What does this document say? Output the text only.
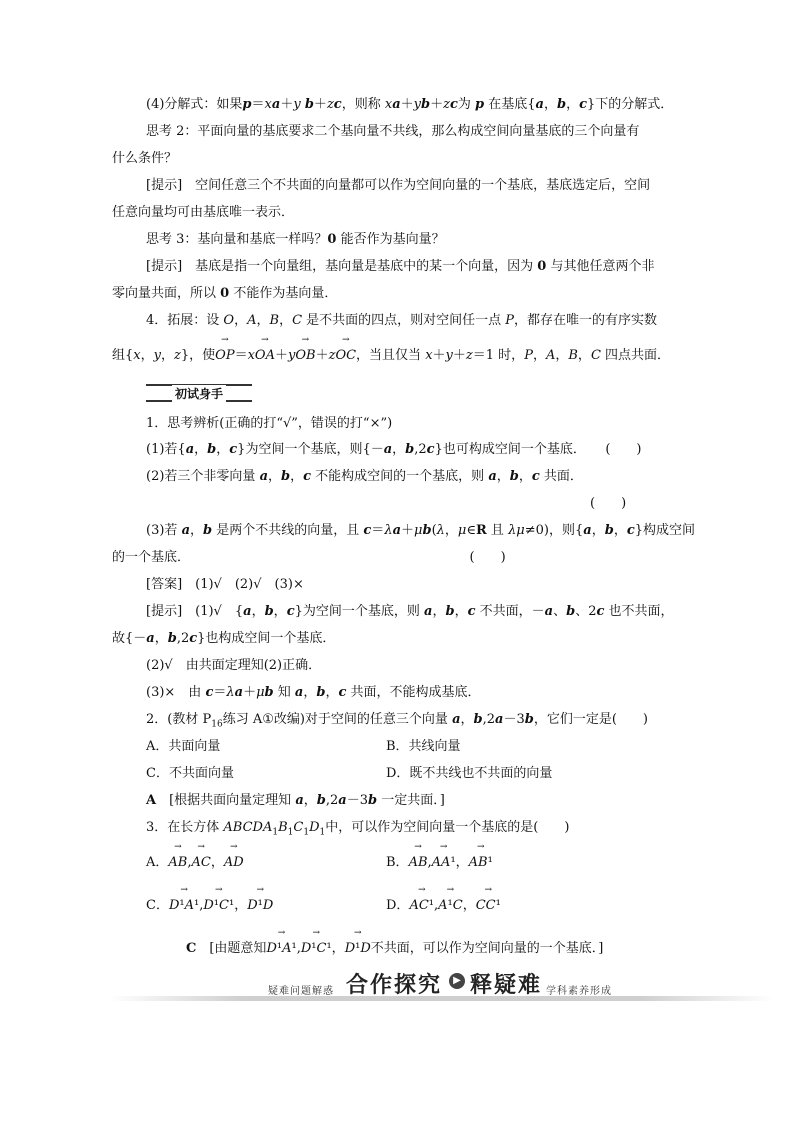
(4)分解式：如果p＝xa＋y b＋zc，则称 xa＋yb＋zc为 p 在基底{a，b，c}下的分解式．
思考 2：平面向量的基底要求二个基向量不共线，那么构成空间向量基底的三个向量有
什么条件？
[提示]　空间任意三个不共面的向量都可以作为空间向量的一个基底，基底选定后，空间
任意向量均可由基底唯一表示．
思考 3：基向量和基底一样吗？0 能否作为基向量？
[提示]　基底是指一个向量组，基向量是基底中的某一个向量，因为 0 与其他任意两个非
零向量共面，所以 0 不能作为基向量．
4．拓展：设 O，A，B，C 是不共面的四点，则对空间任一点 P，都存在唯一的有序实数
组{x，y，z}，使→ OP＝x→ OA＋y→ OB＋z→ OC，当且仅当 x＋y＋z＝1 时，P，A，B，C 四点共面．
1．思考辨析(正确的打“√”，错误的打“×”)
(1)若{a，b，c}为空间一个基底，则{－a，b,2c}也可构成空间一个基底．　　(　　)
(2)若三个非零向量 a，b，c 不能构成空间的一个基底，则 a，b，c 共面．
(　　)
(3)若 a，b 是两个不共线的向量，且 c＝λa＋μb(λ，μ∈R 且 λμ≠0)，则{a，b，c}构成空间
的一个基底．　　　　　　　　　　　　　　　　　　　　　　(　　)
[答案]　(1)√　(2)√　(3)×
[提示]　(1)√　{a，b，c}为空间一个基底，则 a，b，c 不共面，－a、b、2c 也不共面，
故{－a，b,2c}也构成空间一个基底．
(2)√　由共面定理知(2)正确．
(3)×　由 c＝λa＋μb 知 a，b，c 共面，不能构成基底．
2．(教材 $P_{16}$练习 A①改编)对于空间的任意三个向量 a，b,2a－3b，它们一定是(　　)
A．共面向量	B．共线向量
C．不共面向量	D．既不共线也不共面的向量
A　[根据共面向量定理知 a，b,2a－3b 一定共面．]
3．在长方体 $ABCDA_1B_1C_1D_1$中，可以作为空间向量一个基底的是(　　)
A．→ AB,→ AC，→ AD	B．→ AB,→ AA¹，→ AB¹
C．→ D¹A¹,→ D¹C¹，→ D¹D	D．→ AC¹,→ A¹C，→ CC¹
C　[由题意知→ D¹A¹,→ D¹C¹，→ D¹D不共面，可以作为空间向量的一个基底．]
初试身手
疑难问题解惑 合作探究	▶ 释疑难 学科素养形成
